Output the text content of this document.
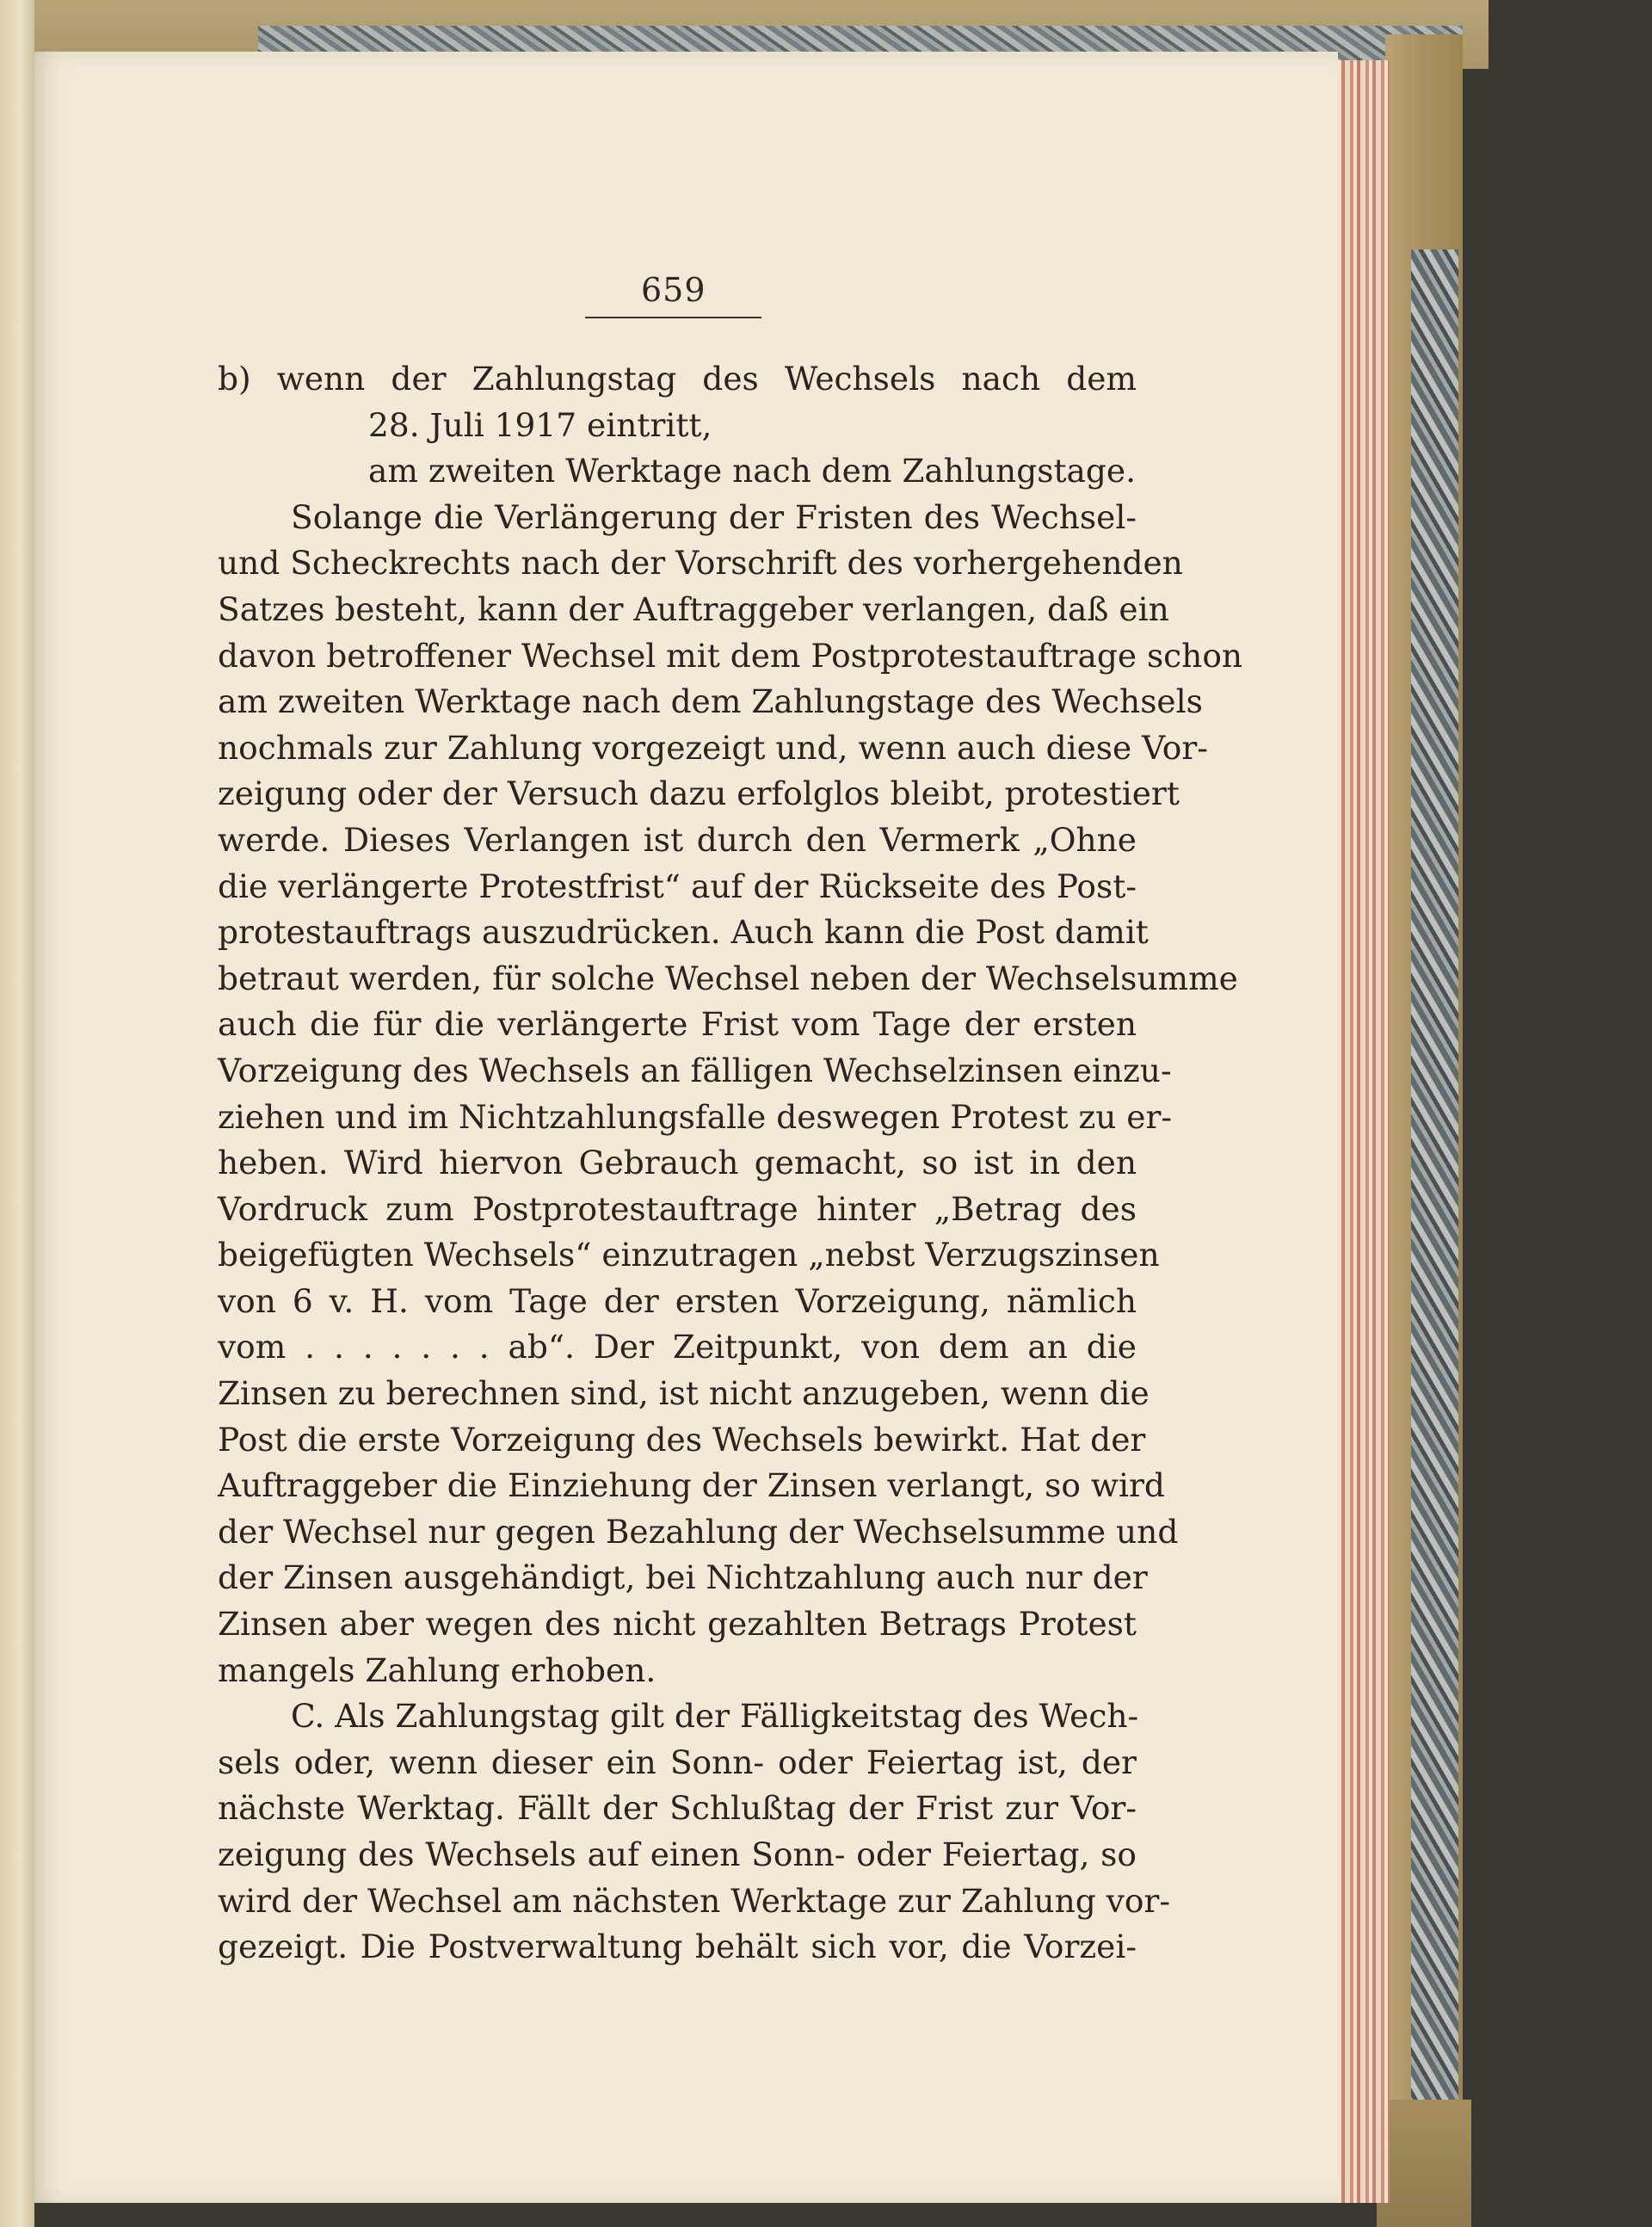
659
b) wenn der Zahlungstag des Wechsels nach dem
28. Juli 1917 eintritt,
am zweiten Werktage nach dem Zahlungstage.
Solange die Verlängerung der Fristen des Wechsel-
und Scheckrechts nach der Vorschrift des vorhergehenden
Satzes besteht, kann der Auftraggeber verlangen, daß ein
davon betroffener Wechsel mit dem Postprotestauftrage schon
am zweiten Werktage nach dem Zahlungstage des Wechsels
nochmals zur Zahlung vorgezeigt und, wenn auch diese Vor-
zeigung oder der Versuch dazu erfolglos bleibt, protestiert
werde. Dieses Verlangen ist durch den Vermerk „Ohne
die verlängerte Protestfrist“ auf der Rückseite des Post-
protestauftrags auszudrücken. Auch kann die Post damit
betraut werden, für solche Wechsel neben der Wechselsumme
auch die für die verlängerte Frist vom Tage der ersten
Vorzeigung des Wechsels an fälligen Wechselzinsen einzu-
ziehen und im Nichtzahlungsfalle deswegen Protest zu er-
heben. Wird hiervon Gebrauch gemacht, so ist in den
Vordruck zum Postprotestauftrage hinter „Betrag des
beigefügten Wechsels“ einzutragen „nebst Verzugszinsen
von 6 v. H. vom Tage der ersten Vorzeigung, nämlich
vom . . . . . . . ab“. Der Zeitpunkt, von dem an die
Zinsen zu berechnen sind, ist nicht anzugeben, wenn die
Post die erste Vorzeigung des Wechsels bewirkt. Hat der
Auftraggeber die Einziehung der Zinsen verlangt, so wird
der Wechsel nur gegen Bezahlung der Wechselsumme und
der Zinsen ausgehändigt, bei Nichtzahlung auch nur der
Zinsen aber wegen des nicht gezahlten Betrags Protest
mangels Zahlung erhoben.
C. Als Zahlungstag gilt der Fälligkeitstag des Wech-
sels oder, wenn dieser ein Sonn- oder Feiertag ist, der
nächste Werktag. Fällt der Schlußtag der Frist zur Vor-
zeigung des Wechsels auf einen Sonn- oder Feiertag, so
wird der Wechsel am nächsten Werktage zur Zahlung vor-
gezeigt. Die Postverwaltung behält sich vor, die Vorzei-
